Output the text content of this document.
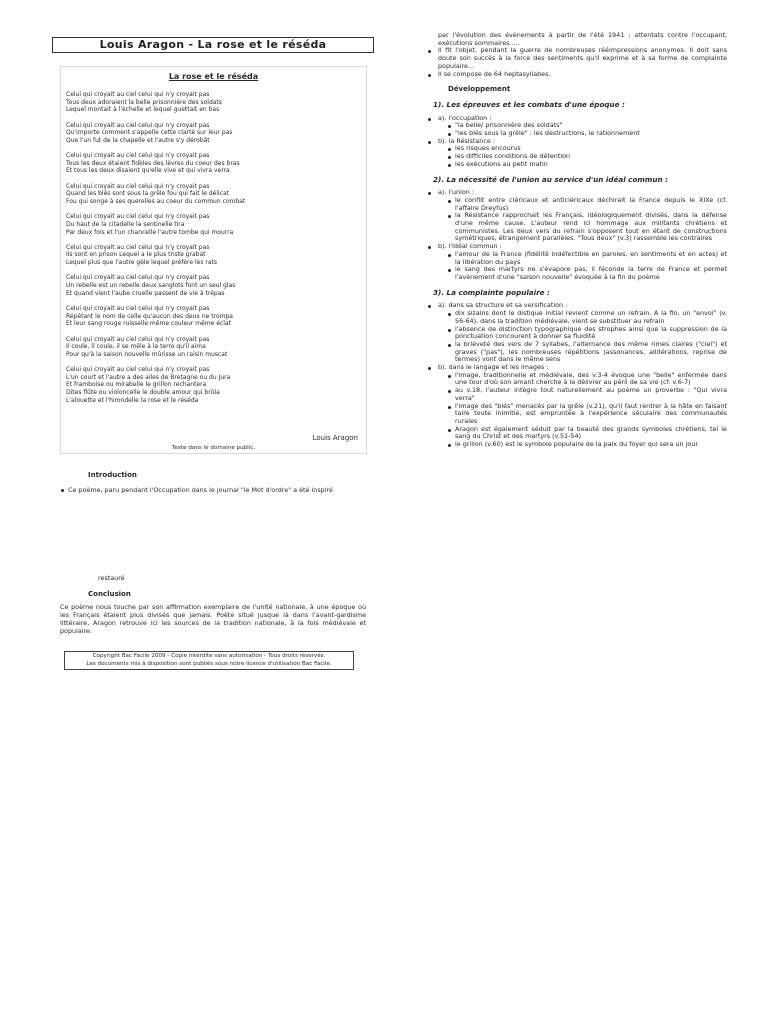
Louis Aragon - La rose et le réséda
La rose et le réséda
Celui qui croyait au ciel celui qui n'y croyait pas
Tous deux adoraient la belle prisonnière des soldats
Lequel montait à l'échelle et lequel guettait en bas
Celui qui croyait au ciel celui qui n'y croyait pas
Qu'importe comment s'appelle cette clarté sur leur pas
Que l'un fut de la chapelle et l'autre s'y dérobât
Celui qui croyait au ciel celui qui n'y croyait pas
Tous les deux étaient fidèles des lèvres du coeur des bras
Et tous les deux disaient qu'elle vive et qui vivra verra
Celui qui croyait au ciel celui qui n'y croyait pas
Quand les blés sont sous la grêle fou qui fait le délicat
Fou qui songe à ses querelles au coeur du commun combat
Celui qui croyait au ciel celui qui n'y croyait pas
Du haut de la citadelle la sentinelle tira
Par deux fois et l'un chancelle l'autre tombe qui mourra
Celui qui croyait au ciel celui qui n'y croyait pas
Ils sont en prison Lequel a le plus triste grabat
Lequel plus que l'autre gèle lequel préfère les rats
Celui qui croyait au ciel celui qui n'y croyait pas
Un rebelle est un rebelle deux sanglots font un seul glas
Et quand vient l'aube cruelle passent de vie à trépas
Celui qui croyait au ciel celui qui n'y croyait pas
Répétant le nom de celle qu'aucun des deux ne trompa
Et leur sang rouge ruisselle même couleur même éclat
Celui qui croyait au ciel celui qui n'y croyait pas
Il coule, il coule, il se mêle à la terre qu'il aima
Pour qu'à la saison nouvelle mûrisse un raisin muscat
Celui qui croyait au ciel celui qui n'y croyait pas
L'un court et l'autre a des ailes de Bretagne ou du Jura
Et framboise ou mirabelle le grillon rechantera
Dites flûte ou violoncelle le double amour qui brûla
L'alouette et l'hirondelle la rose et le réséda
Louis Aragon
Texte dans le domaine public.
Introduction
Ce poème, paru pendant l'Occupation dans le journal "le Mot d'ordre" a été inspiré
restauré
Conclusion
Ce poème nous touche par son affirmation exemplaire de l'unité nationale, à une époque où les Français étaient plus divisés que jamais. Poète situé jusque là dans l'avant-gardisme littéraire, Aragon retrouve ici les sources de la tradition nationale, à la fois médiévale et populaire.
Copyright Bac Facile 2009 - Copie interdite sans autorisation - Tous droits réservés.
Les documents mis à disposition sont publiés sous notre licence d'utilisation Bac Facile.
par l'évolution des événements à partir de l'été 1941 : attentats contre l'occupant, exécutions sommaires.....
Il fit l'objet, pendant la guerre de nombreuses rééimpressions anonymes. Il doit sans doute son succès à la force des sentiments qu'il exprime et à sa forme de complainte populaire...
Il se compose de 64 heptasyllabes.
Développement
1). Les épreuves et les combats d'une époque :
a). l'occupation :
"la belle/ prisonnière des soldats"
"les blés sous la grêle" : les destructions, le rationnement
b). la Résistance :
les risques encourus
les difficiles conditions de détention
les exécutions au petit matin
2). La nécessité de l'union au service d'un idéal commun :
a). l'union :
le conflit entre cléricaux et anticléricaux déchirait la France depuis le XIXe (cf. l'affaire Dreyfus)
la Résistance rapprochait les Français, idéologiquement divisés, dans la défense d'une même cause. L'auteur rend ici hommage aux militants chrétiens et communistes. Les deux vers du refrain s'opposent tout en étant de constructions symétriques, étrangement parallèles. "Tous deux" (v.3) rassemble les contraires
b). l'idéal commun :
l'amour de la France (fidélité indéfectible en paroles, en sentiments et en actes) et la libération du pays
le sang des martyrs ne s'évapore pas, il féconde la terre de France et permet l'avènement d'une "saison nouvelle" évoquée à la fin du poème
3). La complainte populaire :
a). dans sa structure et sa versification :
dix sizains dont le distique initial revient comme un refrain. A la fin, un "envoi" (v. 56-64), dans la tradition médiévale, vient se substituer au refrain
l'absence de distinction typographique des strophes ainsi que la suppression de la ponctuation concourent à donner sa fluidité
la brièveté des vers de 7 syllabes, l'alternance des même rimes claires ("ciel") et graves ("pas"), les nombreuses répétitions (assonances, allitérations, reprise de termes) vont dans le même sens
b). dans le langage et les images :
l'image, traditionnelle et médiévale, des v.3-4 évoque une "belle" enfermée dans une tour d'où son amant cherche à la délivrer au péril de sa vie (cf. v.6-7)
au v.18, l'auteur intègre tout naturellement au poème un proverbe : "Qui vivra verra"
l'image des "blés" menacés par la grêle (v.21), qu'il faut rentrer à la hâte en faisant taire toute inimitié, est empruntée à l'expérience séculaire des communautés rurales
Aragon est également séduit par la beauté des grands symboles chrétiens, tel le sang du Christ et des martyrs (v.51-54)
le grillon (v.60) est le symbole populaire de la paix du foyer qui sera un jour
